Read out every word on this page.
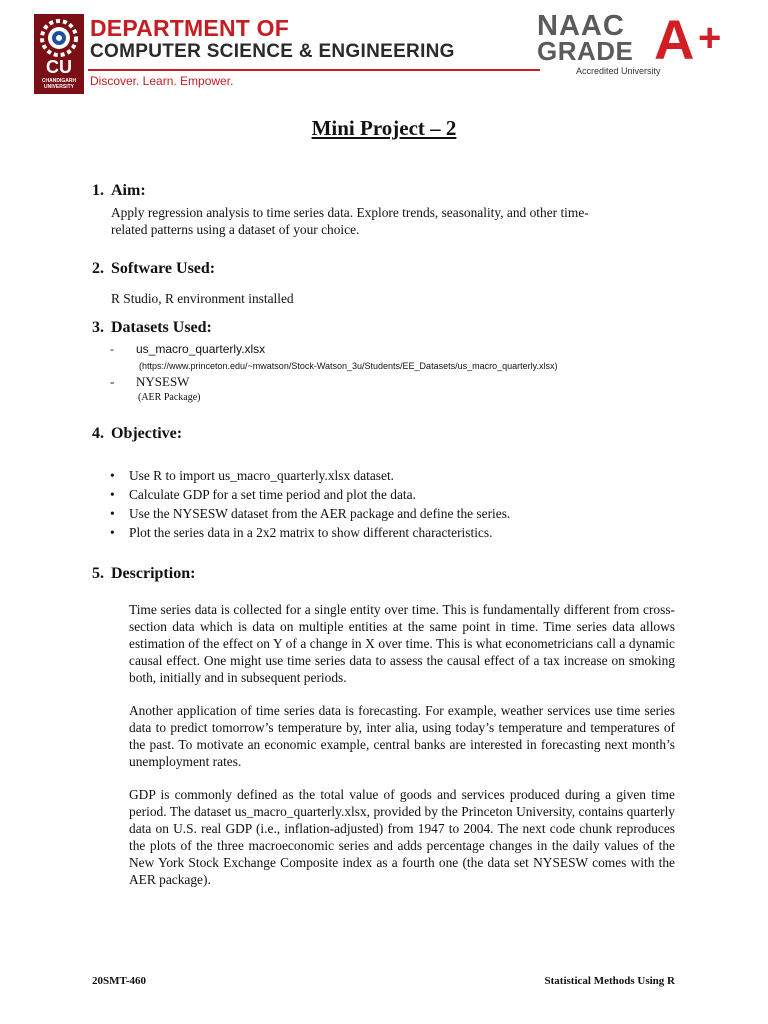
CU
CHANDIGARH UNIVERSITY
DEPARTMENT OF
COMPUTER SCIENCE & ENGINEERING
Discover. Learn. Empower.
NAAC
GRADE A +
Accredited University
Mini Project – 2
1. Aim:
Apply regression analysis to time series data. Explore trends, seasonality, and other time-
related patterns using a dataset of your choice.
2. Software Used:
R Studio, R environment installed
3. Datasets Used:
- us_macro_quarterly.xlsx
(https://www.princeton.edu/~mwatson/Stock-Watson_3u/Students/EE_Datasets/us_macro_quarterly.xlsx)
- NYSESW
(AER Package)
4. Objective:
• Use R to import us_macro_quarterly.xlsx dataset.
• Calculate GDP for a set time period and plot the data.
• Use the NYSESW dataset from the AER package and define the series.
• Plot the series data in a 2x2 matrix to show different characteristics.
5. Description:
Time series data is collected for a single entity over time. This is fundamentally different from cross-section data which is data on multiple entities at the same point in time. Time series data allows estimation of the effect on Y of a change in X over time. This is what econometricians call a dynamic causal effect. One might use time series data to assess the causal effect of a tax increase on smoking both, initially and in subsequent periods.
Another application of time series data is forecasting. For example, weather services use time series data to predict tomorrow’s temperature by, inter alia, using today’s temperature and temperatures of the past. To motivate an economic example, central banks are interested in forecasting next month’s unemployment rates.
GDP is commonly defined as the total value of goods and services produced during a given time period. The dataset us_macro_quarterly.xlsx, provided by the Princeton University, contains quarterly data on U.S. real GDP (i.e., inflation-adjusted) from 1947 to 2004. The next code chunk reproduces the plots of the three macroeconomic series and adds percentage changes in the daily values of the New York Stock Exchange Composite index as a fourth one (the data set NYSESW comes with the AER package).
20SMT-460	Statistical Methods Using R
